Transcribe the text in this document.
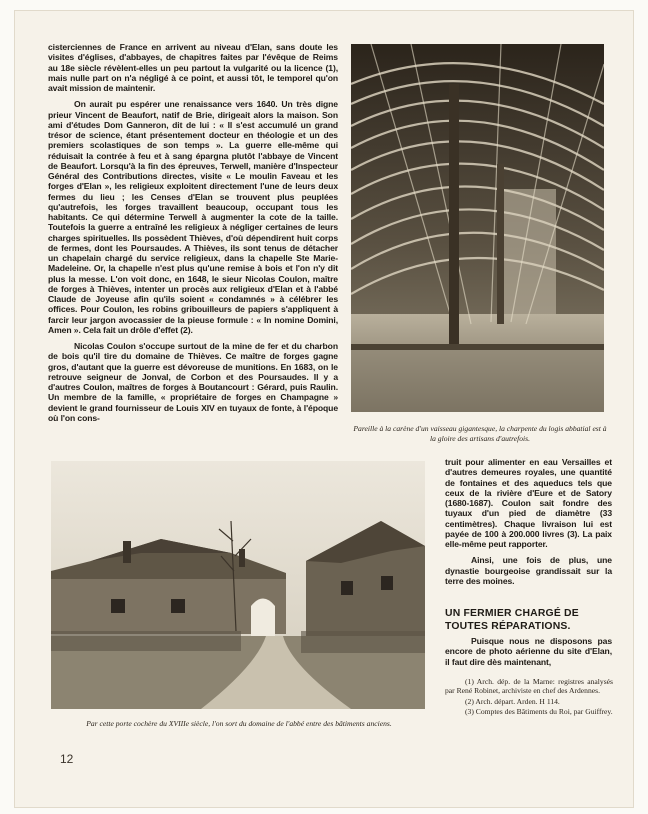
cisterciennes de France en arrivent au niveau d'Elan, sans doute les visites d'églises, d'abbayes, de chapitres faites par l'évêque de Reims au 18e siècle révèlent-elles un peu partout la vulgarité ou la licence (1), mais nulle part on n'a négligé à ce point, et aussi tôt, le temporel qu'on avait mission de maintenir.

On aurait pu espérer une renaissance vers 1640. Un très digne prieur Vincent de Beaufort, natif de Brie, dirigeait alors la maison. Son ami d'études Dom Ganneron, dit de lui : « Il s'est accumulé un grand trésor de science, étant présentement docteur en théologie et un des premiers scolastiques de son temps ». La guerre elle-même qui réduisait la contrée à feu et à sang épargna plutôt l'abbaye de Vincent de Beaufort. Lorsqu'à la fin des épreuves, Terwell, manière d'Inspecteur Général des Contributions directes, visite « Le moulin Faveau et les forges d'Elan », les religieux exploitent directement l'une de leurs deux fermes du lieu ; les Censes d'Elan se trouvent plus peuplées qu'autrefois, les forges travaillent beaucoup, occupant tous les habitants. Ce qui détermine Terwell à augmenter la cote de la taille. Toutefois la guerre a entraîné les religieux à négliger certaines de leurs charges spirituelles. Ils possèdent Thièves, d'où dépendirent huit corps de fermes, dont les Poursaudes. A Thièves, ils sont tenus de détacher un chapelain chargé du service religieux, dans la chapelle Ste Marie-Madeleine. Or, la chapelle n'est plus qu'une remise à bois et l'on n'y dit plus la messe. L'on voit donc, en 1648, le sieur Nicolas Coulon, maître de forges à Thièves, intenter un procès aux religieux d'Elan et à l'abbé Claude de Joyeuse afin qu'ils soient « condamnés » à célébrer les offices. Pour Coulon, les robins gribouilleurs de papiers s'appliquent à farcir leur jargon avocassier de la pieuse formule : « In nomine Domini, Amen ». Cela fait un drôle d'effet (2).

Nicolas Coulon s'occupe surtout de la mine de fer et du charbon de bois qu'il tire du domaine de Thièves. Ce maître de forges gagne gros, d'autant que la guerre est dévoreuse de munitions. En 1683, on le retrouve seigneur de Jonval, de Corbon et des Poursaudes. Il y a d'autres Coulon, maîtres de forges à Boutancourt : Gérard, puis Raulin. Un membre de la famille, « propriétaire de forges en Champagne » devient le grand fournisseur de Louis XIV en tuyaux de fonte, à l'époque où l'on cons-

Pareille à la carène d'un vaisseau gigantesque, la charpente du logis abbatial est à la gloire des artisans d'autrefois.
Par cette porte cochère du XVIIIe siècle, l'on sort du domaine de l'abbé entre des bâtiments anciens.

truit pour alimenter en eau Versailles et d'autres demeures royales, une quantité de fontaines et des aqueducs tels que ceux de la rivière d'Eure et de Satory (1680-1687). Coulon sait fondre des tuyaux d'un pied de diamètre (33 centimètres). Chaque livraison lui est payée de 100 à 200.000 livres (3). La paix elle-même peut rapporter.

Ainsi, une fois de plus, une dynastie bourgeoise grandissait sur la terre des moines.

UN FERMIER CHARGÉ DE TOUTES RÉPARATIONS.

Puisque nous ne disposons pas encore de photo aérienne du site d'Elan, il faut dire dès maintenant,

(1) Arch. dép. de la Marne: registres analysés par René Robinet, archiviste en chef des Ardennes.

(2) Arch. départ. Arden. H 114.

(3) Comptes des Bâtiments du Roi, par Guiffrey.

12
